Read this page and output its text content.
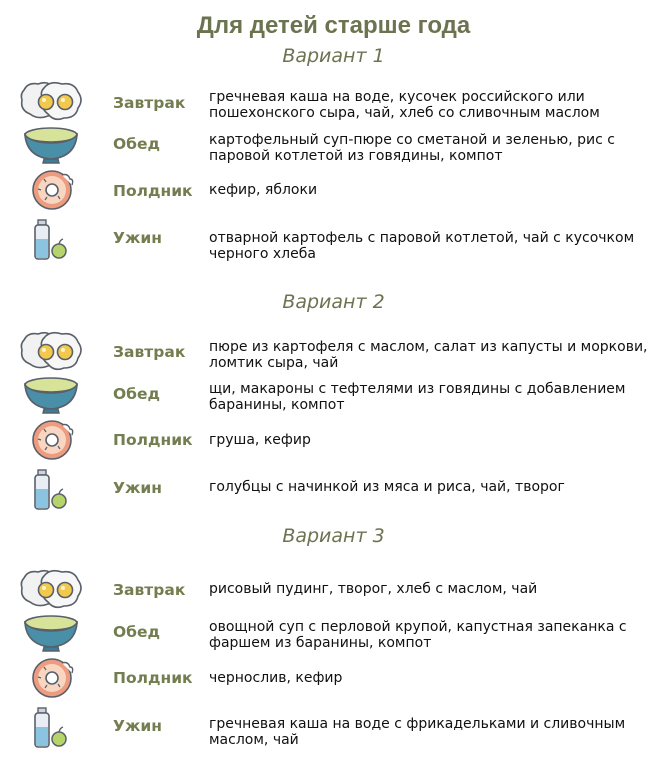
Для детей старше года
Вариант 1
Завтрак гречневая каша на воде, кусочек российского или пошехонского сыра, чай, хлеб со сливочным маслом
Обед	картофельный суп-пюре со сметаной и зеленью, рис с паровой котлетой из говядины, компот
Полдник кефир, яблоки
Ужин	отварной картофель с паровой котлетой, чай с кусочком черного хлеба
Вариант 2
Завтрак пюре из картофеля с маслом, салат из капусты и моркови, ломтик сыра, чай
Обед	щи, макароны с тефтелями из говядины с добавлением баранины, компот
Полдник груша, кефир
Ужин	голубцы с начинкой из мяса и риса, чай, творог
Вариант 3
Завтрак рисовый пудинг, творог, хлеб с маслом, чай
Обед	овощной суп с перловой крупой, капустная запеканка с фаршем из баранины, компот
Полдник чернослив, кефир
Ужин	гречневая каша на воде с фрикадельками и сливочным маслом, чай
